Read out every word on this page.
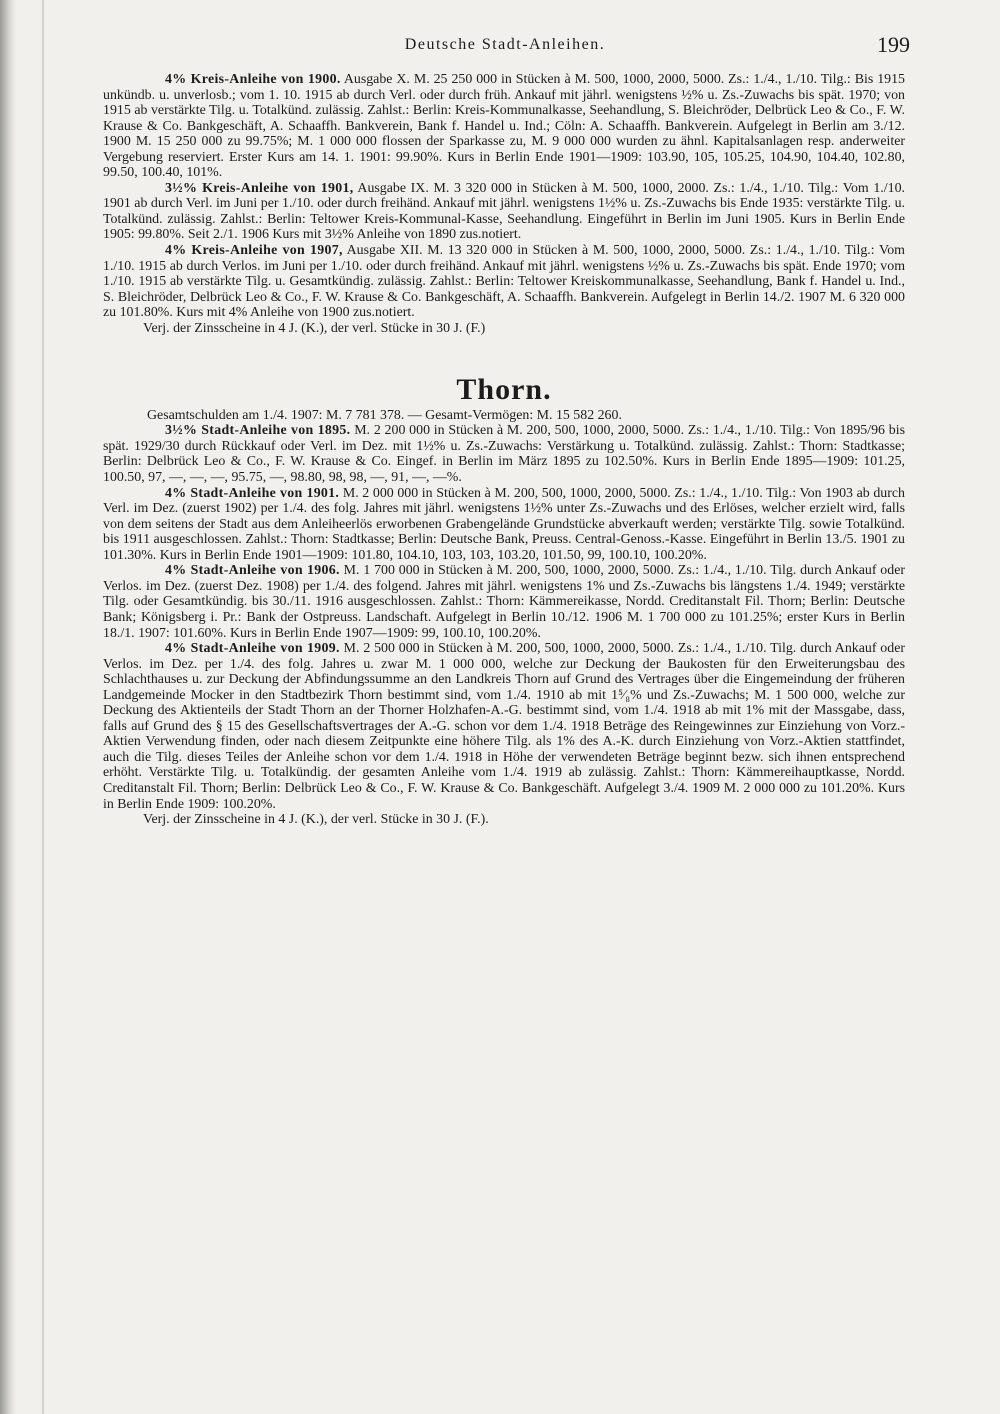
Deutsche Stadt-Anleihen.	199

4% Kreis-Anleihe von 1900. Ausgabe X. M. 25 250 000 in Stücken à M. 500, 1000, 2000, 5000. Zs.: 1./4., 1./10. Tilg.: Bis 1915 unkündb. u. unverlosb.; vom 1. 10. 1915 ab durch Verl. oder durch früh. Ankauf mit jährl. wenigstens ½% u. Zs.-Zuwachs bis spät. 1970; von 1915 ab verstärkte Tilg. u. Totalkünd. zulässig. Zahlst.: Berlin: Kreis-Kommunalkasse, Seehandlung, S. Bleichröder, Delbrück Leo & Co., F. W. Krause & Co. Bankgeschäft, A. Schaaffh. Bankverein, Bank f. Handel u. Ind.; Cöln: A. Schaaffh. Bankverein. Aufgelegt in Berlin am 3./12. 1900 M. 15 250 000 zu 99.75%; M. 1 000 000 flossen der Sparkasse zu, M. 9 000 000 wurden zu ähnl. Kapitalsanlagen resp. anderweiter Vergebung reserviert. Erster Kurs am 14. 1. 1901: 99.90%. Kurs in Berlin Ende 1901—1909: 103.90, 105, 105.25, 104.90, 104.40, 102.80, 99.50, 100.40, 101%.

3½% Kreis-Anleihe von 1901, Ausgabe IX. M. 3 320 000 in Stücken à M. 500, 1000, 2000. Zs.: 1./4., 1./10. Tilg.: Vom 1./10. 1901 ab durch Verl. im Juni per 1./10. oder durch freihänd. Ankauf mit jährl. wenigstens 1½% u. Zs.-Zuwachs bis Ende 1935: verstärkte Tilg. u. Totalkünd. zulässig. Zahlst.: Berlin: Teltower Kreis-Kommunal-Kasse, Seehandlung. Eingeführt in Berlin im Juni 1905. Kurs in Berlin Ende 1905: 99.80%. Seit 2./1. 1906 Kurs mit 3½% Anleihe von 1890 zus.notiert.

4% Kreis-Anleihe von 1907, Ausgabe XII. M. 13 320 000 in Stücken à M. 500, 1000, 2000, 5000. Zs.: 1./4., 1./10. Tilg.: Vom 1./10. 1915 ab durch Verlos. im Juni per 1./10. oder durch freihänd. Ankauf mit jährl. wenigstens ½% u. Zs.-Zuwachs bis spät. Ende 1970; vom 1./10. 1915 ab verstärkte Tilg. u. Gesamtkündig. zulässig. Zahlst.: Berlin: Teltower Kreiskommunalkasse, Seehandlung, Bank f. Handel u. Ind., S. Bleichröder, Delbrück Leo & Co., F. W. Krause & Co. Bankgeschäft, A. Schaaffh. Bankverein. Aufgelegt in Berlin 14./2. 1907 M. 6 320 000 zu 101.80%. Kurs mit 4% Anleihe von 1900 zus.notiert.

Verj. der Zinsscheine in 4 J. (K.), der verl. Stücke in 30 J. (F.)

Thorn.

Gesamtschulden am 1./4. 1907: M. 7 781 378. — Gesamt-Vermögen: M. 15 582 260.

3½% Stadt-Anleihe von 1895. M. 2 200 000 in Stücken à M. 200, 500, 1000, 2000, 5000. Zs.: 1./4., 1./10. Tilg.: Von 1895/96 bis spät. 1929/30 durch Rückkauf oder Verl. im Dez. mit 1½% u. Zs.-Zuwachs: Verstärkung u. Totalkünd. zulässig. Zahlst.: Thorn: Stadtkasse; Berlin: Delbrück Leo & Co., F. W. Krause & Co. Eingef. in Berlin im März 1895 zu 102.50%. Kurs in Berlin Ende 1895—1909: 101.25, 100.50, 97, —, —, —, 95.75, —, 98.80, 98, 98, —, 91, —, —%.

4% Stadt-Anleihe von 1901. M. 2 000 000 in Stücken à M. 200, 500, 1000, 2000, 5000. Zs.: 1./4., 1./10. Tilg.: Von 1903 ab durch Verl. im Dez. (zuerst 1902) per 1./4. des folg. Jahres mit jährl. wenigstens 1½% unter Zs.-Zuwachs und des Erlöses, welcher erzielt wird, falls von dem seitens der Stadt aus dem Anleiheerlös erworbenen Grabengelände Grundstücke abverkauft werden; verstärkte Tilg. sowie Totalkünd. bis 1911 ausgeschlossen. Zahlst.: Thorn: Stadtkasse; Berlin: Deutsche Bank, Preuss. Central-Genoss.-Kasse. Eingeführt in Berlin 13./5. 1901 zu 101.30%. Kurs in Berlin Ende 1901—1909: 101.80, 104.10, 103, 103, 103.20, 101.50, 99, 100.10, 100.20%.

4% Stadt-Anleihe von 1906. M. 1 700 000 in Stücken à M. 200, 500, 1000, 2000, 5000. Zs.: 1./4., 1./10. Tilg. durch Ankauf oder Verlos. im Dez. (zuerst Dez. 1908) per 1./4. des folgend. Jahres mit jährl. wenigstens 1% und Zs.-Zuwachs bis längstens 1./4. 1949; verstärkte Tilg. oder Gesamtkündig. bis 30./11. 1916 ausgeschlossen. Zahlst.: Thorn: Kämmereikasse, Nordd. Creditanstalt Fil. Thorn; Berlin: Deutsche Bank; Königsberg i. Pr.: Bank der Ostpreuss. Landschaft. Aufgelegt in Berlin 10./12. 1906 M. 1 700 000 zu 101.25%; erster Kurs in Berlin 18./1. 1907: 101.60%. Kurs in Berlin Ende 1907—1909: 99, 100.10, 100.20%.

4% Stadt-Anleihe von 1909. M. 2 500 000 in Stücken à M. 200, 500, 1000, 2000, 5000. Zs.: 1./4., 1./10. Tilg. durch Ankauf oder Verlos. im Dez. per 1./4. des folg. Jahres u. zwar M. 1 000 000, welche zur Deckung der Baukosten für den Erweiterungsbau des Schlachthauses u. zur Deckung der Abfindungssumme an den Landkreis Thorn auf Grund des Vertrages über die Eingemeindung der früheren Landgemeinde Mocker in den Stadtbezirk Thorn bestimmt sind, vom 1./4. 1910 ab mit 1⁵⁄₈% und Zs.-Zuwachs; M. 1 500 000, welche zur Deckung des Aktienteils der Stadt Thorn an der Thorner Holzhafen-A.-G. bestimmt sind, vom 1./4. 1918 ab mit 1% mit der Massgabe, dass, falls auf Grund des § 15 des Gesellschaftsvertrages der A.-G. schon vor dem 1./4. 1918 Beträge des Reingewinnes zur Einziehung von Vorz.-Aktien Verwendung finden, oder nach diesem Zeitpunkte eine höhere Tilg. als 1% des A.-K. durch Einziehung von Vorz.-Aktien stattfindet, auch die Tilg. dieses Teiles der Anleihe schon vor dem 1./4. 1918 in Höhe der verwendeten Beträge beginnt bezw. sich ihnen entsprechend erhöht. Verstärkte Tilg. u. Totalkündig. der gesamten Anleihe vom 1./4. 1919 ab zulässig. Zahlst.: Thorn: Kämmereihauptkasse, Nordd. Creditanstalt Fil. Thorn; Berlin: Delbrück Leo & Co., F. W. Krause & Co. Bankgeschäft. Aufgelegt 3./4. 1909 M. 2 000 000 zu 101.20%. Kurs in Berlin Ende 1909: 100.20%.

Verj. der Zinsscheine in 4 J. (K.), der verl. Stücke in 30 J. (F.).
